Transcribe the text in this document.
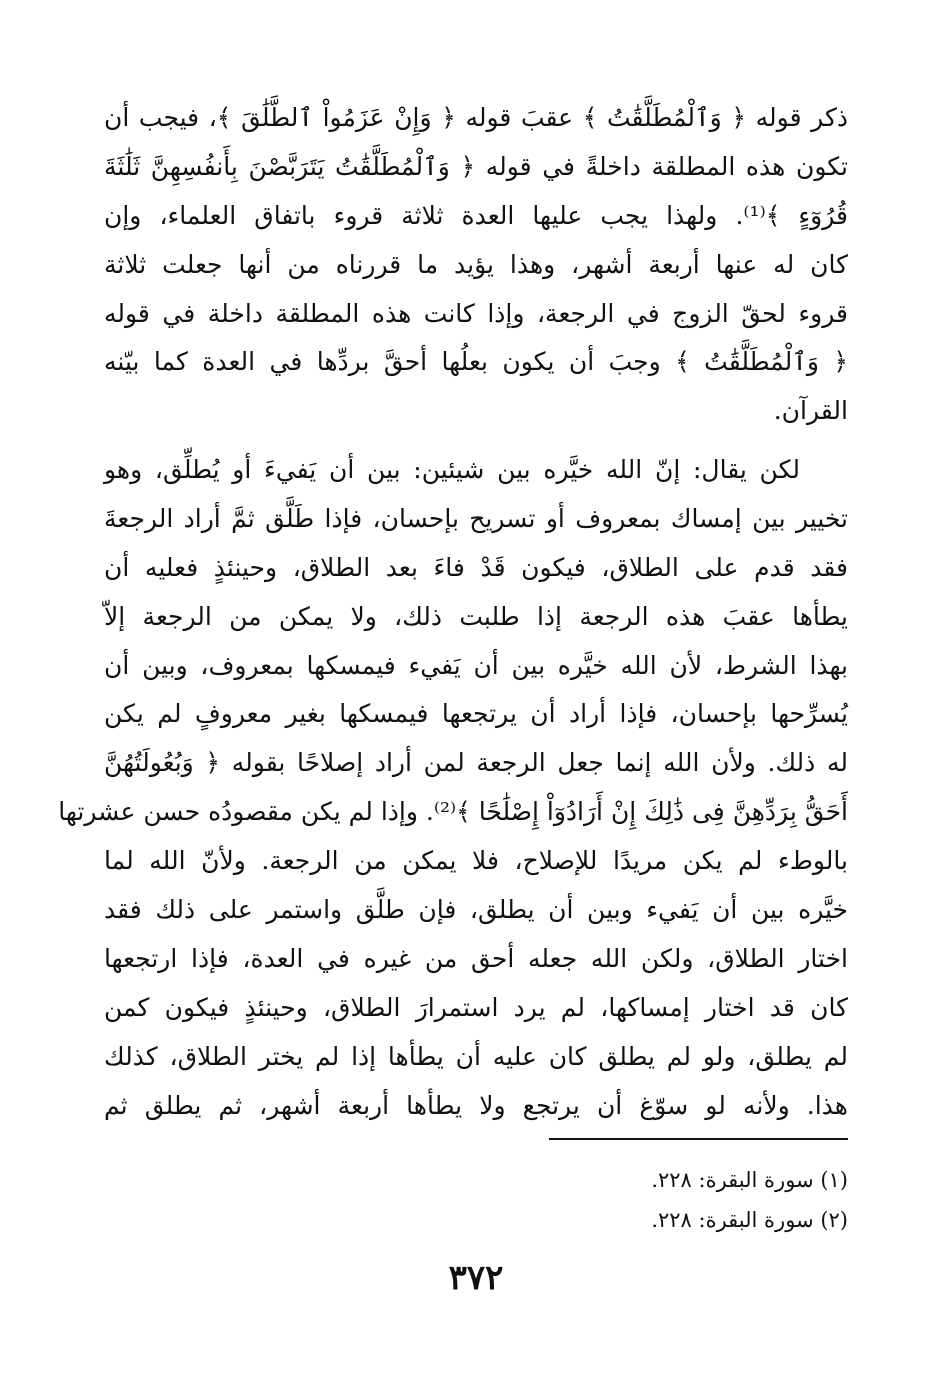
ذكر قوله ﴿ وَٱلْمُطَلَّقَٰتُ ﴾ عقبَ قوله ﴿ وَإِنْ عَزَمُواْ ٱلطَّلَٰقَ ﴾، فيجب أن
تكون هذه المطلقة داخلةً في قوله ﴿ وَٱلْمُطَلَّقَٰتُ يَتَرَبَّصْنَ بِأَنفُسِهِنَّ ثَلَٰثَةَ
قُرُوٓءٍ ﴾⁽¹⁾. ولهذا يجب عليها العدة ثلاثة قروء باتفاق العلماء، وإن
كان له عنها أربعة أشهر، وهذا يؤيد ما قررناه من أنها جعلت ثلاثة
قروء لحقّ الزوج في الرجعة، وإذا كانت هذه المطلقة داخلة في قوله
﴿ وَٱلْمُطَلَّقَٰتُ ﴾ وجبَ أن يكون بعلُها أحقَّ بردِّها في العدة كما بيّنه
القرآن.
لكن يقال: إنّ الله خيَّره بين شيئين: بين أن يَفيءَ أو يُطلِّق، وهو
تخيير بين إمساك بمعروف أو تسريح بإحسان، فإذا طَلَّق ثمَّ أراد الرجعةَ
فقد قدم على الطلاق، فيكون قَدْ فاءَ بعد الطلاق، وحينئذٍ فعليه أن
يطأها عقبَ هذه الرجعة إذا طلبت ذلك، ولا يمكن من الرجعة إلاّ
بهذا الشرط، لأن الله خيَّره بين أن يَفيء فيمسكها بمعروف، وبين أن
يُسرِّحها بإحسان، فإذا أراد أن يرتجعها فيمسكها بغير معروفٍ لم يكن
له ذلك. ولأن الله إنما جعل الرجعة لمن أراد إصلاحًا بقوله ﴿ وَبُعُولَتُهُنَّ
أَحَقُّ بِرَدِّهِنَّ فِى ذَٰلِكَ إِنْ أَرَادُوٓاْ إِصْلَٰحًا ﴾⁽²⁾. وإذا لم يكن مقصودُه حسن عشرتها
بالوطء لم يكن مريدًا للإصلاح، فلا يمكن من الرجعة. ولأنّ الله لما
خيَّره بين أن يَفيء وبين أن يطلق، فإن طلَّق واستمر على ذلك فقد
اختار الطلاق، ولكن الله جعله أحق من غيره في العدة، فإذا ارتجعها
كان قد اختار إمساكها، لم يرد استمرارَ الطلاق، وحينئذٍ فيكون كمن
لم يطلق، ولو لم يطلق كان عليه أن يطأها إذا لم يختر الطلاق، كذلك
هذا. ولأنه لو سوّغ أن يرتجع ولا يطأها أربعة أشهر، ثم يطلق ثم
(١) سورة البقرة: ٢٢٨.
(٢) سورة البقرة: ٢٢٨.
٣٧٢
